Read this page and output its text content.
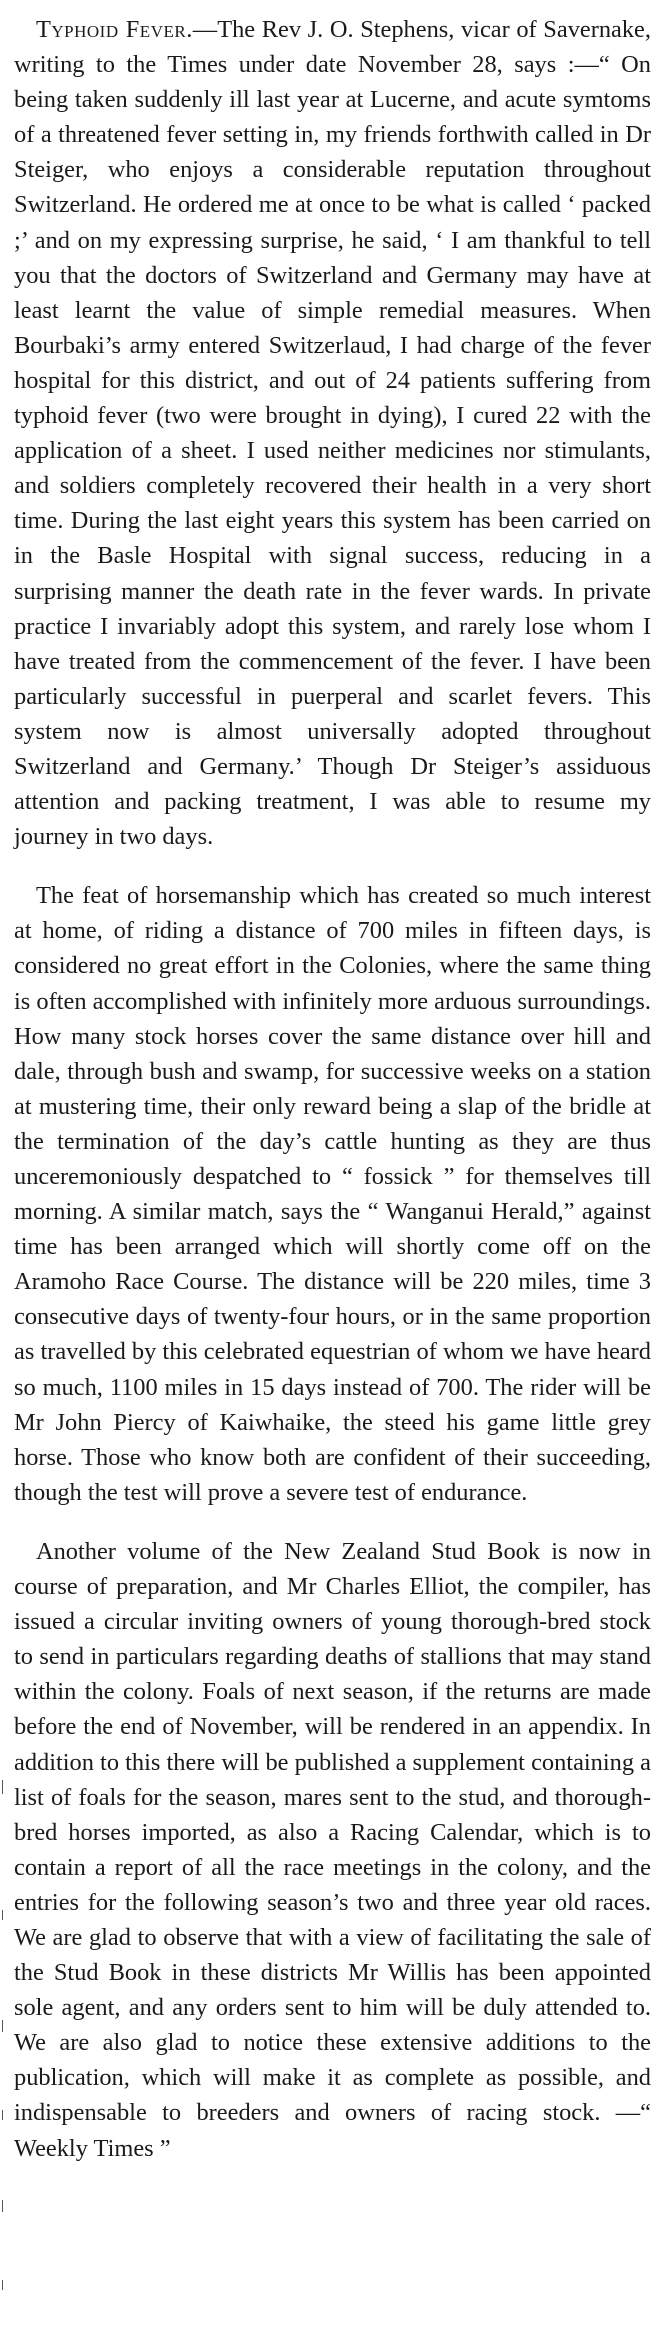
Typhoid Fever.—The Rev J. O. Stephens, vicar of Savernake, writing to the Times under date November 28, says :—“ On being taken suddenly ill last year at Lucerne, and acute symtoms of a threatened fever setting in, my friends forthwith called in Dr Steiger, who enjoys a considerable reputation throughout Switzerland. He ordered me at once to be what is called ‘ packed ;’ and on my expressing surprise, he said, ‘ I am thankful to tell you that the doctors of Switzerland and Germany may have at least learnt the value of simple remedial measures. When Bourbaki’s army entered Switzerlaud, I had charge of the fever hospital for this district, and out of 24 patients suffering from typhoid fever (two were brought in dying), I cured 22 with the application of a sheet. I used neither medicines nor stimulants, and soldiers completely recovered their health in a very short time. During the last eight years this system has been carried on in the Basle Hospital with signal success, reducing in a surprising manner the death rate in the fever wards. In private practice I invariably adopt this system, and rarely lose whom I have treated from the commencement of the fever. I have been particularly successful in puerperal and scarlet fevers. This system now is almost universally adopted throughout Switzerland and Germany.’ Though Dr Steiger’s assiduous attention and packing treatment, I was able to resume my journey in two days.

The feat of horsemanship which has created so much interest at home, of riding a distance of 700 miles in fifteen days, is considered no great effort in the Colonies, where the same thing is often accomplished with infinitely more arduous surroundings. How many stock horses cover the same distance over hill and dale, through bush and swamp, for successive weeks on a station at mustering time, their only reward being a slap of the bridle at the termination of the day’s cattle hunting as they are thus unceremoniously despatched to “ fossick ” for themselves till morning. A similar match, says the “ Wanganui Herald,” against time has been arranged which will shortly come off on the Aramoho Race Course. The distance will be 220 miles, time 3 consecutive days of twenty-four hours, or in the same proportion as travelled by this celebrated equestrian of whom we have heard so much, 1100 miles in 15 days instead of 700. The rider will be Mr John Piercy of Kaiwhaike, the steed his game little grey horse. Those who know both are confident of their succeeding, though the test will prove a severe test of endurance.

Another volume of the New Zealand Stud Book is now in course of preparation, and Mr Charles Elliot, the compiler, has issued a circular inviting owners of young thorough-bred stock to send in particulars regarding deaths of stallions that may stand within the colony. Foals of next season, if the returns are made before the end of November, will be rendered in an appendix. In addition to this there will be published a supplement containing a list of foals for the season, mares sent to the stud, and thorough-bred horses imported, as also a Racing Calendar, which is to contain a report of all the race meetings in the colony, and the entries for the following season’s two and three year old races. We are glad to observe that with a view of facilitating the sale of the Stud Book in these districts Mr Willis has been appointed sole agent, and any orders sent to him will be duly attended to. We are also glad to notice these extensive additions to the publication, which will make it as complete as possible, and indispensable to breeders and owners of racing stock. —“ Weekly Times ”
